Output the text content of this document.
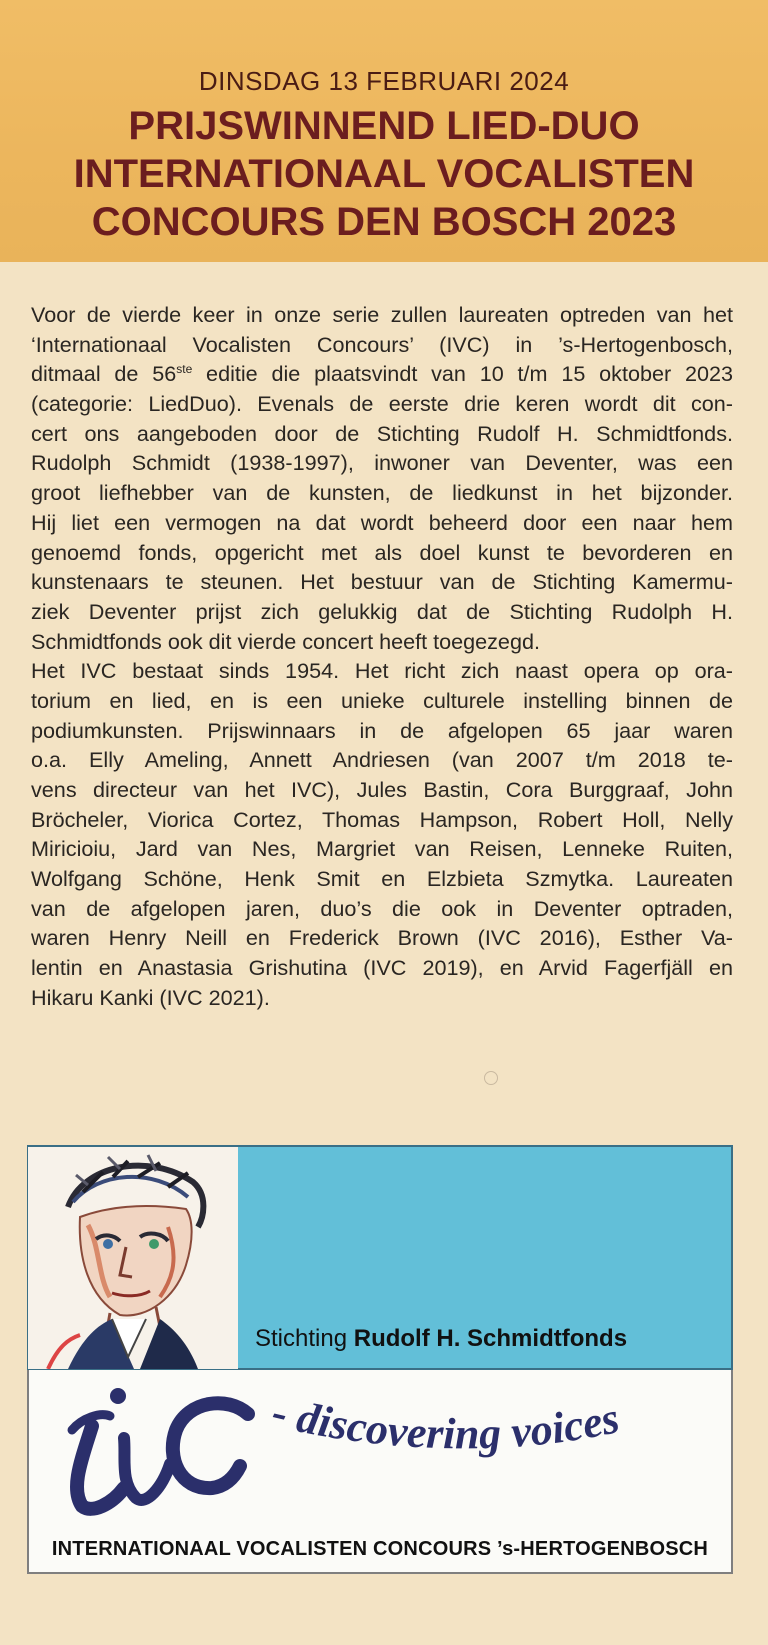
DINSDAG 13 FEBRUARI 2024
PRIJSWINNEND LIED-DUO
INTERNATIONAAL VOCALISTEN
CONCOURS DEN BOSCH 2023
Voor de vierde keer in onze serie zullen laureaten optreden van het
‘Internationaal Vocalisten Concours’ (IVC) in ’s-Hertogenbosch,
ditmaal de 56ste editie die plaatsvindt van 10 t/m 15 oktober 2023
(categorie: LiedDuo). Evenals de eerste drie keren wordt dit con-
cert ons aangeboden door de Stichting Rudolf H. Schmidtfonds.
Rudolph Schmidt (1938-1997), inwoner van Deventer, was een
groot liefhebber van de kunsten, de liedkunst in het bijzonder.
Hij liet een vermogen na dat wordt beheerd door een naar hem
genoemd fonds, opgericht met als doel kunst te bevorderen en
kunstenaars te steunen. Het bestuur van de Stichting Kamermu-
ziek Deventer prijst zich gelukkig dat de Stichting Rudolph H.
Schmidtfonds ook dit vierde concert heeft toegezegd.
Het IVC bestaat sinds 1954. Het richt zich naast opera op ora-
torium en lied, en is een unieke culturele instelling binnen de
podiumkunsten. Prijswinnaars in de afgelopen 65 jaar waren
o.a. Elly Ameling, Annett Andriesen (van 2007 t/m 2018 te-
vens directeur van het IVC), Jules Bastin, Cora Burggraaf, John
Bröcheler, Viorica Cortez, Thomas Hampson, Robert Holl, Nelly
Miricioiu, Jard van Nes, Margriet van Reisen, Lenneke Ruiten,
Wolfgang Schöne, Henk Smit en Elzbieta Szmytka. Laureaten
van de afgelopen jaren, duo’s die ook in Deventer optraden,
waren Henry Neill en Frederick Brown (IVC 2016), Esther Va-
lentin en Anastasia Grishutina (IVC 2019), en Arvid Fagerfjäll en
Hikaru Kanki (IVC 2021).
Stichting Rudolf H. Schmidtfonds
- discovering voices
INTERNATIONAAL VOCALISTEN CONCOURS ’s-HERTOGENBOSCH
